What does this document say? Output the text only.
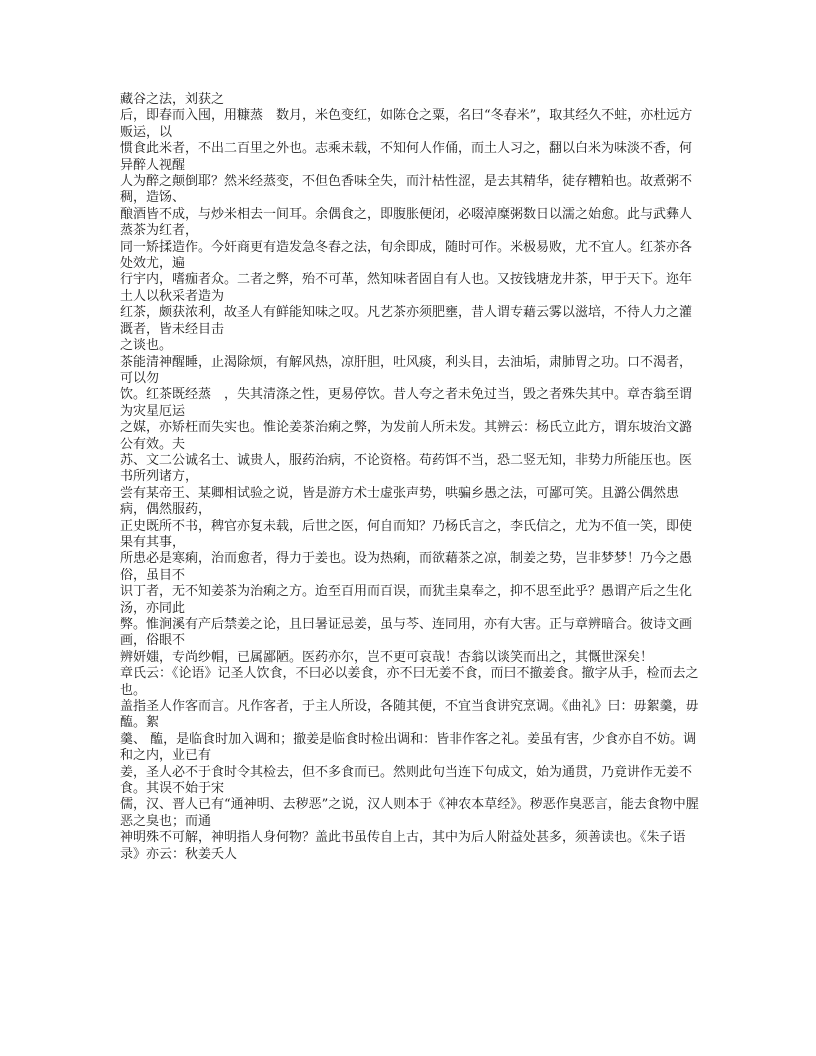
藏谷之法，刘获之

后，即春而入囤，用糠蒸　数月，米色变红，如陈仓之粟，名曰“冬春米”，取其经久不蛀，亦杜远方贩运，以

惯食此米者，不出二百里之外也。志乘未载，不知何人作俑，而土人习之，翻以白米为味淡不香，何异醉人视醒

人为醉之颠倒耶？然米经蒸变，不但色香味全失，而汁枯性涩，是去其精华，徒存糟粕也。故煮粥不稠，造饧、

酿酒皆不成，与炒米相去一间耳。余偶食之，即腹胀便闭，必啜淖糜粥数日以濡之始愈。此与武彝人蒸茶为红者，

同一矫揉造作。今奸商更有造发急冬舂之法，旬余即成，随时可作。米极易败，尤不宜人。红茶亦各处效尤，遍

行宇内，嗜痂者众。二者之弊，殆不可革，然知味者固自有人也。又按钱塘龙井茶，甲于天下。迩年土人以秋采者造为

红茶，颇获浓利，故圣人有鲜能知味之叹。凡艺茶亦须肥壅，昔人谓专藉云雾以滋培，不待人力之灌溉者，皆未经目击

之谈也。

茶能清神醒睡，止渴除烦，有解风热，凉肝胆，吐风痰，利头目，去油垢，肃肺胃之功。口不渴者，可以勿

饮。红茶既经蒸　，失其清涤之性，更易停饮。昔人夸之者未免过当，毁之者殊失其中。章杏翁至谓为灾星厄运

之媒，亦矫枉而失实也。惟论姜茶治痢之弊，为发前人所未发。其辨云：杨氏立此方，谓东坡治文潞公有效。夫

苏、文二公诚名士、诚贵人，服药治病，不论资格。苟药饵不当，恐二竖无知，非势力所能压也。医书所列诸方，

尝有某帝王、某卿相试验之说，皆是游方术士虚张声势，哄骗乡愚之法，可鄙可笑。且潞公偶然患病，偶然服药，

正史既所不书，稗官亦复未载，后世之医，何自而知？乃杨氏言之，李氏信之，尤为不值一笑，即使果有其事，

所患必是寒痢，治而愈者，得力于姜也。设为热痢，而欲藉茶之凉，制姜之势，岂非梦梦！乃今之愚俗，虽目不

识丁者，无不知姜茶为治痢之方。迨至百用而百误，而犹圭臬奉之，抑不思至此乎？愚谓产后之生化汤，亦同此

弊。惟涧溪有产后禁姜之论，且曰暑证忌姜，虽与芩、连同用，亦有大害。正与章辨暗合。彼诗文画画，俗眼不

辨妍媸，专尚纱帽，已属鄙陋。医药亦尔，岂不更可哀哉！杏翁以谈笑而出之，其慨世深矣！

章氏云：《论语》记圣人饮食，不曰必以姜食，亦不曰无姜不食，而曰不撤姜食。撤字从手，检而去之也。

盖指圣人作客而言。凡作客者，于主人所设，各随其便，不宜当食讲究烹调。《曲礼》曰：毋絮羹，毋 醢。絮

羹、 醢，是临食时加入调和；撤姜是临食时检出调和：皆非作客之礼。姜虽有害，少食亦自不妨。调和之内，业已有

姜，圣人必不于食时令其检去，但不多食而已。然则此句当连下句成文，始为通贯，乃竟讲作无姜不食。其误不始于宋

儒，汉、晋人已有“通神明、去秽恶”之说，汉人则本于《神农本草经》。秽恶作臭恶言，能去食物中腥恶之臭也；而通

神明殊不可解，神明指人身何物？盖此书虽传自上古，其中为后人附益处甚多，须善读也。《朱子语录》亦云：秋姜夭人
